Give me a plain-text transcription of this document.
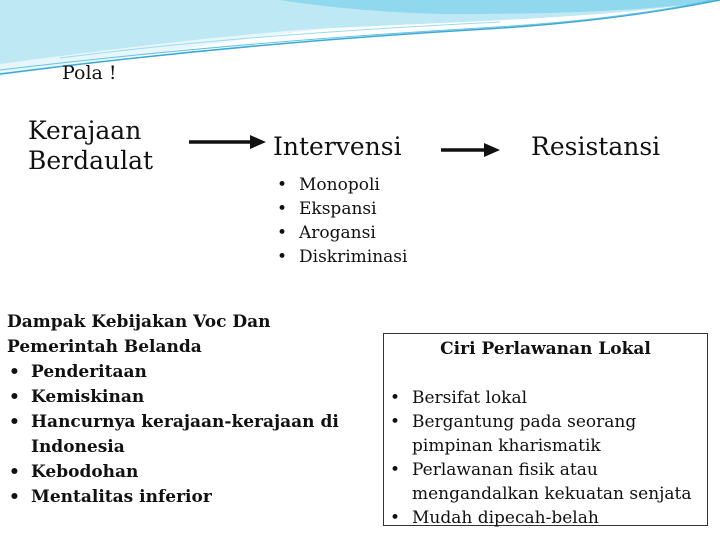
Pola !
Kerajaan
Berdaulat	Intervensi	Resistansi
• Monopoli
• Ekspansi
• Arogansi
• Diskriminasi
Dampak Kebijakan Voc Dan
Pemerintah Belanda
• Penderitaan
• Kemiskinan
• Hancurnya kerajaan-kerajaan di Indonesia
• Kebodohan
• Mentalitas inferior
Ciri Perlawanan Lokal
• Bersifat lokal
• Bergantung pada seorang pimpinan kharismatik
• Perlawanan fisik atau mengandalkan kekuatan senjata
• Mudah dipecah-belah
